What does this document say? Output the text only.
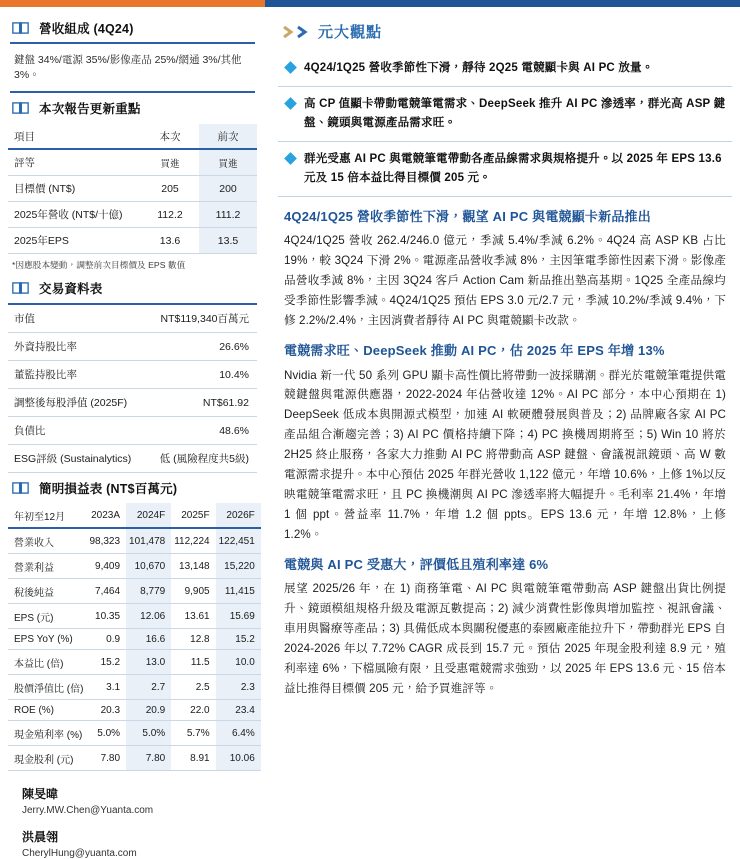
營收組成 (4Q24)
鍵盤 34%/電源 35%/影像產品 25%/網通 3%/其他 3%。
本次報告更新重點
項目	本次	前次
評等	買進	買進
目標價 (NT$)	205	200
2025年營收 (NT$/十億)	112.2	111.2
2025年EPS	13.6	13.5
*因應股本變動，調整前次目標價及 EPS 數值
交易資料表
市值	NT$119,340百萬元
外資持股比率	26.6%
董監持股比率	10.4%
調整後每股淨值 (2025F)	NT$61.92
負債比	48.6%
ESG評級 (Sustainalytics)	低 (風險程度共5級)
簡明損益表 (NT$百萬元)
年初至12月	2023A	2024F	2025F	2026F
營業收入	98,323	101,478	112,224	122,451
營業利益	9,409	10,670	13,148	15,220
稅後純益	7,464	8,779	9,905	11,415
EPS (元)	10.35	12.06	13.61	15.69
EPS YoY (%)	0.9	16.6	12.8	15.2
本益比 (倍)	15.2	13.0	11.5	10.0
股價淨值比 (倍)	3.1	2.7	2.5	2.3
ROE (%)	20.3	20.9	22.0	23.4
現金殖利率 (%)	5.0%	5.0%	5.7%	6.4%
現金股利 (元)	7.80	7.80	8.91	10.06
陳旻暐
Jerry.MW.Chen@Yuanta.com
洪晨翎
CherylHung@yuanta.com
元大觀點
4Q24/1Q25 營收季節性下滑，靜待 2Q25 電競顯卡與 AI PC 放量。
高 CP 值顯卡帶動電競筆電需求、DeepSeek 推升 AI PC 滲透率，群光高 ASP 鍵盤、鏡頭與電源產品需求旺。
群光受惠 AI PC 與電競筆電帶動各產品線需求與規格提升。以 2025 年 EPS 13.6 元及 15 倍本益比得目標價 205 元。
4Q24/1Q25 營收季節性下滑，觀望 AI PC 與電競顯卡新品推出
4Q24/1Q25 營收 262.4/246.0 億元，季減 5.4%/季減 6.2%。4Q24 高 ASP KB 占比 19%，較 3Q24 下滑 2%。電源產品營收季減 8%，主因筆電季節性因素下滑。影像產品營收季減 8%，主因 3Q24 客戶 Action Cam 新品推出墊高基期。1Q25 全產品線均受季節性影響季減。4Q24/1Q25 預估 EPS 3.0 元/2.7 元，季減 10.2%/季減 9.4%，下修 2.2%/2.4%，主因消費者靜待 AI PC 與電競顯卡改款。
電競需求旺、DeepSeek 推動 AI PC，估 2025 年 EPS 年增 13%
Nvidia 新一代 50 系列 GPU 顯卡高性價比將帶動一波採購潮。群光於電競筆電提供電競鍵盤與電源供應器，2022-2024 年佔營收達 12%。AI PC 部分，本中心預期在 1) DeepSeek 低成本與開源式模型，加速 AI 軟硬體發展與普及；2) 品牌廠各家 AI PC 產品組合漸趨完善；3) AI PC 價格持續下降；4) PC 換機周期將至；5) Win 10 將於 2H25 終止服務，各家大力推動 AI PC 將帶動高 ASP 鍵盤、會議視訊鏡頭、高 W 數電源需求提升。本中心預估 2025 年群光營收 1,122 億元，年增 10.6%，上修 1%以反映電競筆電需求旺，且 PC 換機潮與 AI PC 滲透率將大幅提升。毛利率 21.4%，年增 1 個 ppt。營益率 11.7%，年增 1.2 個 ppts。EPS 13.6 元，年增 12.8%，上修 1.2%。
電競與 AI PC 受惠大，評價低且殖利率達 6%
展望 2025/26 年，在 1) 商務筆電、AI PC 與電競筆電帶動高 ASP 鍵盤出貨比例提升、鏡頭模組規格升級及電源瓦數提高；2) 減少消費性影像與增加監控、視訊會議、車用與醫療等產品；3) 具備低成本與關稅優惠的泰國廠產能拉升下，帶動群光 EPS 自 2024-2026 年以 7.72% CAGR 成長到 15.7 元。預估 2025 年現金股利達 8.9 元，殖利率達 6%，下檔風險有限，且受惠電競需求強勁，以 2025 年 EPS 13.6 元、15 倍本益比推得目標價 205 元，給予買進評等。
